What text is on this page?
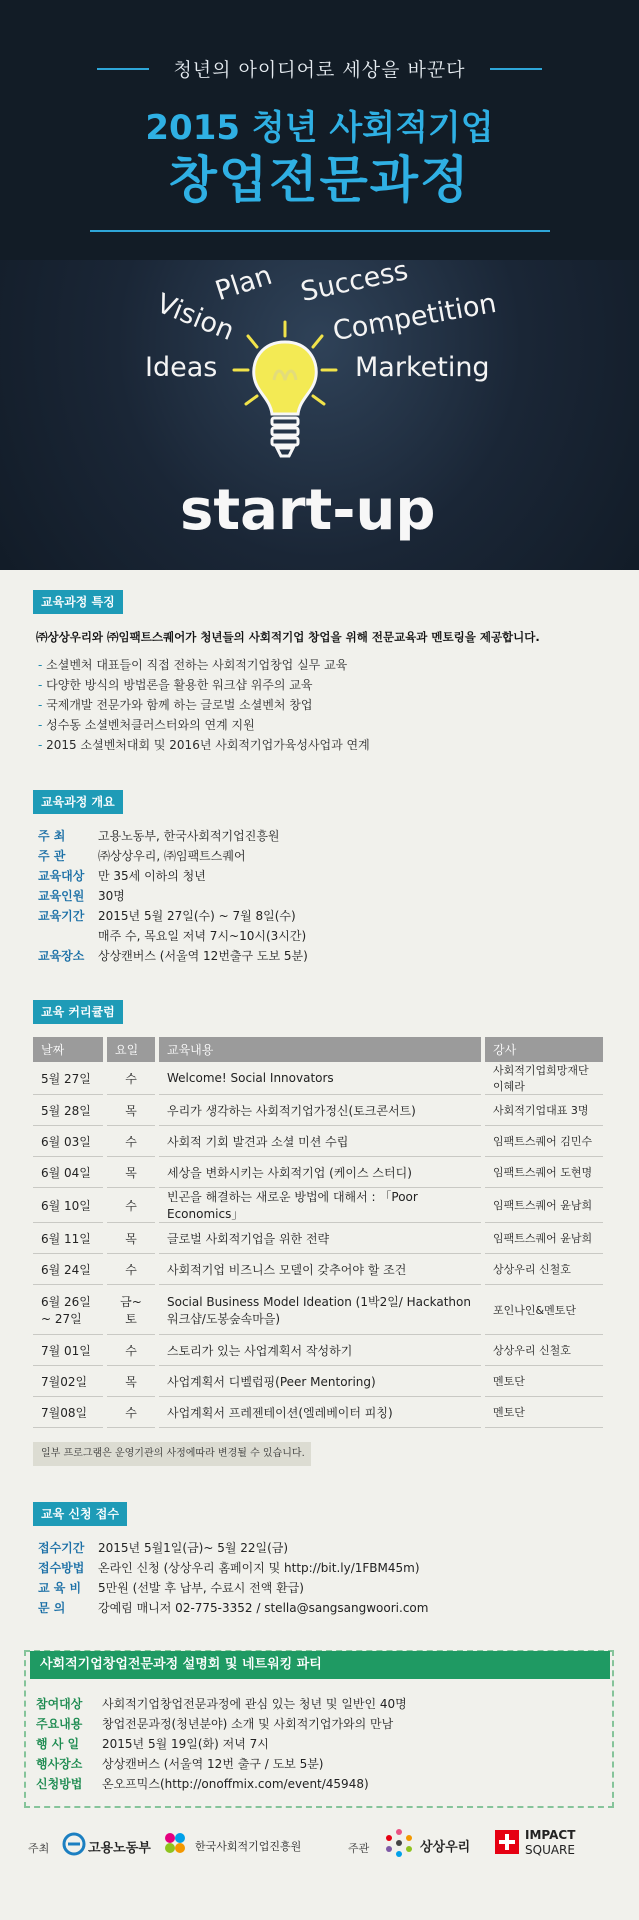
청년의 아이디어로 세상을 바꾼다
2015 청년 사회적기업
창업전문과정
Plan Success
Vision	Competition
Ideas	Marketing
start-up
교육과정 특징
㈜상상우리와 ㈜임팩트스퀘어가 청년들의 사회적기업 창업을 위해 전문교육과 멘토링을 제공합니다.
- 소셜벤처 대표들이 직접 전하는 사회적기업창업 실무 교육
- 다양한 방식의 방법론을 활용한 워크샵 위주의 교육
- 국제개발 전문가와 함께 하는 글로벌 소셜벤처 창업
- 성수동 소셜벤처클러스터와의 연계 지원
- 2015 소셜벤처대회 및 2016년 사회적기업가육성사업과 연계
교육과정 개요
주 최	고용노동부, 한국사회적기업진흥원
주 관	㈜상상우리, ㈜임팩트스퀘어
교육대상	만 35세 이하의 청년
교육인원	30명
교육기간	2015년 5월 27일(수) ~ 7월 8일(수)
매주 수, 목요일 저녁 7시~10시(3시간)
교육장소	상상캔버스 (서울역 12번출구 도보 5분)
교육 커리큘럼
날짜	요일	교육내용	강사
5월 27일	수	Welcome! Social Innovators	사회적기업희망재단 이혜라
5월 28일	목	우리가 생각하는 사회적기업가정신(토크콘서트)	사회적기업대표 3명
6월 03일	수	사회적 기회 발견과 소셜 미션 수립	임팩트스퀘어 김민수
6월 04일	목	세상을 변화시키는 사회적기업 (케이스 스터디)	임팩트스퀘어 도현명
6월 10일	수	빈곤을 해결하는 새로운 방법에 대해서 : 「Poor Economics」	임팩트스퀘어 윤남희
6월 11일	목	글로벌 사회적기업을 위한 전략	임팩트스퀘어 윤남희
6월 24일	수	사회적기업 비즈니스 모델이 갖추어야 할 조건	상상우리 신철호
6월 26일 ~ 27일	금~토	Social Business Model Ideation (1박2일/ Hackathon 워크샵/도봉숲속마을)	포인나인&멘토단
7월 01일	수	스토리가 있는 사업계획서 작성하기	상상우리 신철호
7월02일	목	사업계획서 디벨럽핑(Peer Mentoring)	멘토단
7월08일	수	사업계획서 프레젠테이션(엘레베이터 피칭)	멘토단
일부 프로그램은 운영기관의 사정에따라 변경될 수 있습니다.
교육 신청 접수
접수기간	2015년 5월1일(금)~ 5월 22일(금)
접수방법	온라인 신청 (상상우리 홈페이지 및 http://bit.ly/1FBM45m)
교 육 비	5만원 (선발 후 납부, 수료시 전액 환급)
문 의	강예림 매니저 02-775-3352 / stella@sangsangwoori.com
사회적기업창업전문과정 설명회 및 네트워킹 파티
참여대상	사회적기업창업전문과정에 관심 있는 청년 및 일반인 40명
주요내용	창업전문과정(청년분야) 소개 및 사회적기업가와의 만남
행 사 일	2015년 5월 19일(화) 저녁 7시
행사장소	상상캔버스 (서울역 12번 출구 / 도보 5분)
신청방법	온오프믹스(http://onoffmix.com/event/45948)
주최	고용노동부	한국사회적기업진흥원	주관	상상우리
IMPACT
SQUARE
